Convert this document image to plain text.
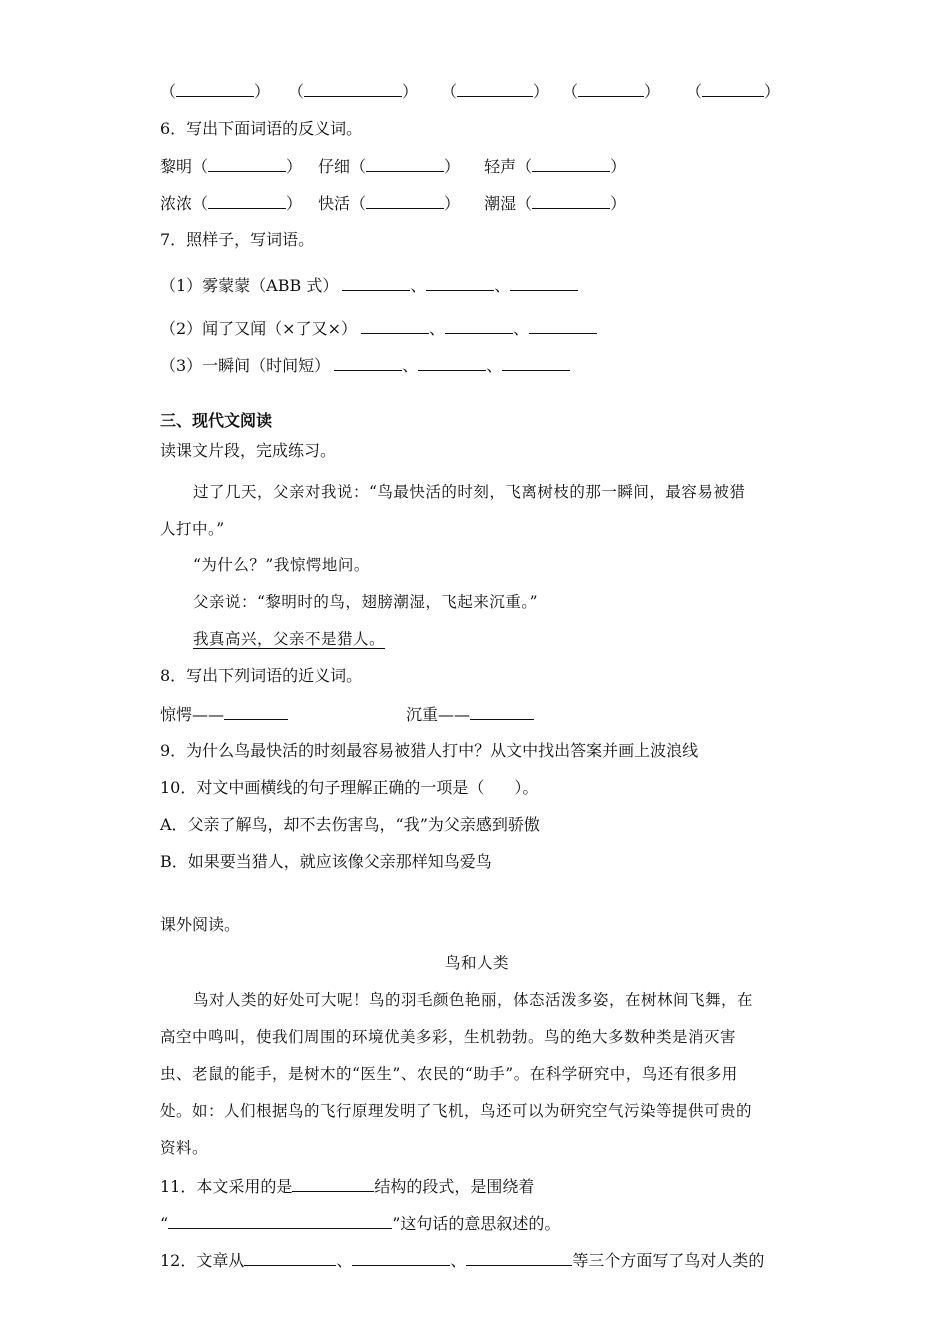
（	） （	） （	） （	） （	）
6．写出下面词语的反义词。
黎明（	） 仔细（	） 轻声（	）
浓浓（	） 快活（	） 潮湿（	）
7．照样子，写词语。
（1）雾蒙蒙（ABB 式）	、	、
（2）闻了又闻（×了又×）	、	、
（3）一瞬间（时间短）	、	、
三、现代文阅读
读课文片段，完成练习。
过了几天，父亲对我说：“鸟最快活的时刻，飞离树枝的那一瞬间，最容易被猎
人打中。”
“为什么？”我惊愕地问。
父亲说：“黎明时的鸟，翅膀潮湿，飞起来沉重。”
我真高兴，父亲不是猎人。
8．写出下列词语的近义词。
惊愕——	沉重——
9．为什么鸟最快活的时刻最容易被猎人打中？从文中找出答案并画上波浪线
10．对文中画横线的句子理解正确的一项是（ ）。
A．父亲了解鸟，却不去伤害鸟，“我”为父亲感到骄傲
B．如果要当猎人，就应该像父亲那样知鸟爱鸟
课外阅读。
鸟和人类
鸟对人类的好处可大呢！鸟的羽毛颜色艳丽，体态活泼多姿，在树林间飞舞，在
高空中鸣叫，使我们周围的环境优美多彩，生机勃勃。鸟的绝大多数种类是消灭害
虫、老鼠的能手，是树木的“医生”、农民的“助手”。在科学研究中，鸟还有很多用
处。如：人们根据鸟的飞行原理发明了飞机，鸟还可以为研究空气污染等提供可贵的
资料。
11．本文采用的是	结构的段式，是围绕着
“	”这句话的意思叙述的。
12．文章从	、	、	等三个方面写了鸟对人类的
